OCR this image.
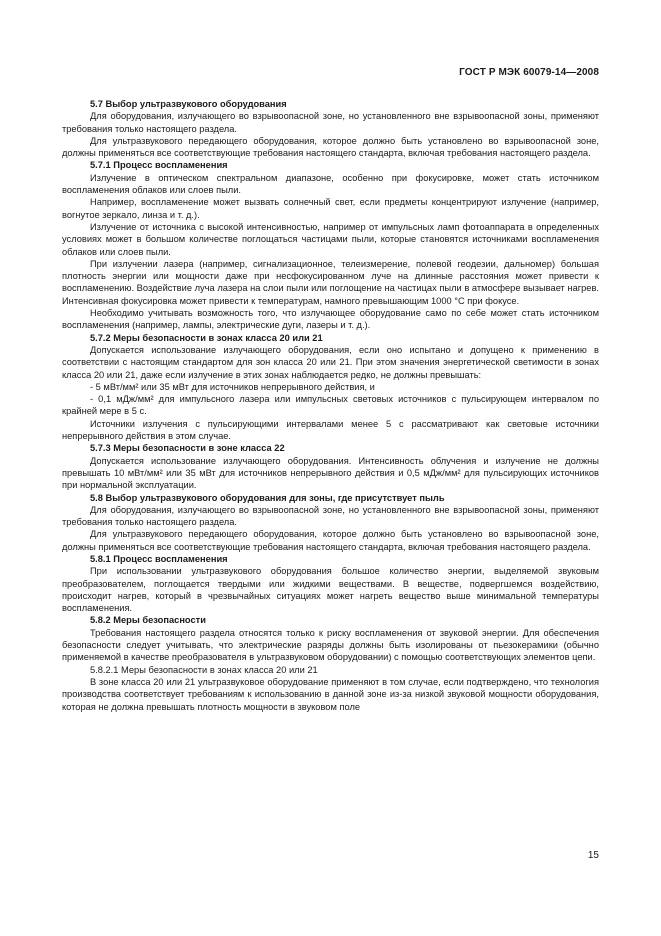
ГОСТ Р МЭК 60079-14—2008
5.7 Выбор ультразвукового оборудования
Для оборудования, излучающего во взрывоопасной зоне, но установленного вне взрывоопасной зоны, применяют требования только настоящего раздела.
Для ультразвукового передающего оборудования, которое должно быть установлено во взрывоопасной зоне, должны применяться все соответствующие требования настоящего стандарта, включая требования настоящего раздела.
5.7.1 Процесс воспламенения
Излучение в оптическом спектральном диапазоне, особенно при фокусировке, может стать источником воспламенения облаков или слоев пыли.
Например, воспламенение может вызвать солнечный свет, если предметы концентрируют излучение (например, вогнутое зеркало, линза и т. д.).
Излучение от источника с высокой интенсивностью, например от импульсных ламп фотоаппарата в определенных условиях может в большом количестве поглощаться частицами пыли, которые становятся источниками воспламенения облаков или слоев пыли.
При излучении лазера (например, сигнализационное, телеизмерение, полевой геодезии, дальномер) большая плотность энергии или мощности даже при несфокусированном луче на длинные расстояния может привести к воспламенению. Воздействие луча лазера на слои пыли или поглощение на частицах пыли в атмосфере вызывает нагрев. Интенсивная фокусировка может привести к температурам, намного превышающим 1000 °С при фокусе.
Необходимо учитывать возможность того, что излучающее оборудование само по себе может стать источником воспламенения (например, лампы, электрические дуги, лазеры и т. д.).
5.7.2 Меры безопасности в зонах класса 20 или 21
Допускается использование излучающего оборудования, если оно испытано и допущено к применению в соответствии с настоящим стандартом для зон класса 20 или 21. При этом значения энергетической светимости в зонах класса 20 или 21, даже если излучение в этих зонах наблюдается редко, не должны превышать:
- 5 мВт/мм² или 35 мВт для источников непрерывного действия, и
- 0,1 мДж/мм² для импульсного лазера или импульсных световых источников с пульсирующем интервалом по крайней мере в 5 с.
Источники излучения с пульсирующими интервалами менее 5 с рассматривают как световые источники непрерывного действия в этом случае.
5.7.3 Меры безопасности в зоне класса 22
Допускается использование излучающего оборудования. Интенсивность облучения и излучение не должны превышать 10 мВт/мм² или 35 мВт для источников непрерывного действия и 0,5 мДж/мм² для пульсирующих источников при нормальной эксплуатации.
5.8 Выбор ультразвукового оборудования для зоны, где присутствует пыль
Для оборудования, излучающего во взрывоопасной зоне, но установленного вне взрывоопасной зоны, применяют требования только настоящего раздела.
Для ультразвукового передающего оборудования, которое должно быть установлено во взрывоопасной зоне, должны применяться все соответствующие требования настоящего стандарта, включая требования настоящего раздела.
5.8.1 Процесс воспламенения
При использовании ультразвукового оборудования большое количество энергии, выделяемой звуковым преобразователем, поглощается твердыми или жидкими веществами. В веществе, подвергшемся воздействию, происходит нагрев, который в чрезвычайных ситуациях может нагреть вещество выше минимальной температуры воспламенения.
5.8.2 Меры безопасности
Требования настоящего раздела относятся только к риску воспламенения от звуковой энергии. Для обеспечения безопасности следует учитывать, что электрические разряды должны быть изолированы от пьезокерамики (обычно применяемой в качестве преобразователя в ультразвуковом оборудовании) с помощью соответствующих элементов цепи.
5.8.2.1 Меры безопасности в зонах класса 20 или 21
В зоне класса 20 или 21 ультразвуковое оборудование применяют в том случае, если подтверждено, что технология производства соответствует требованиям к использованию в данной зоне из-за низкой звуковой мощности оборудования, которая не должна превышать плотность мощности в звуковом поле
15
